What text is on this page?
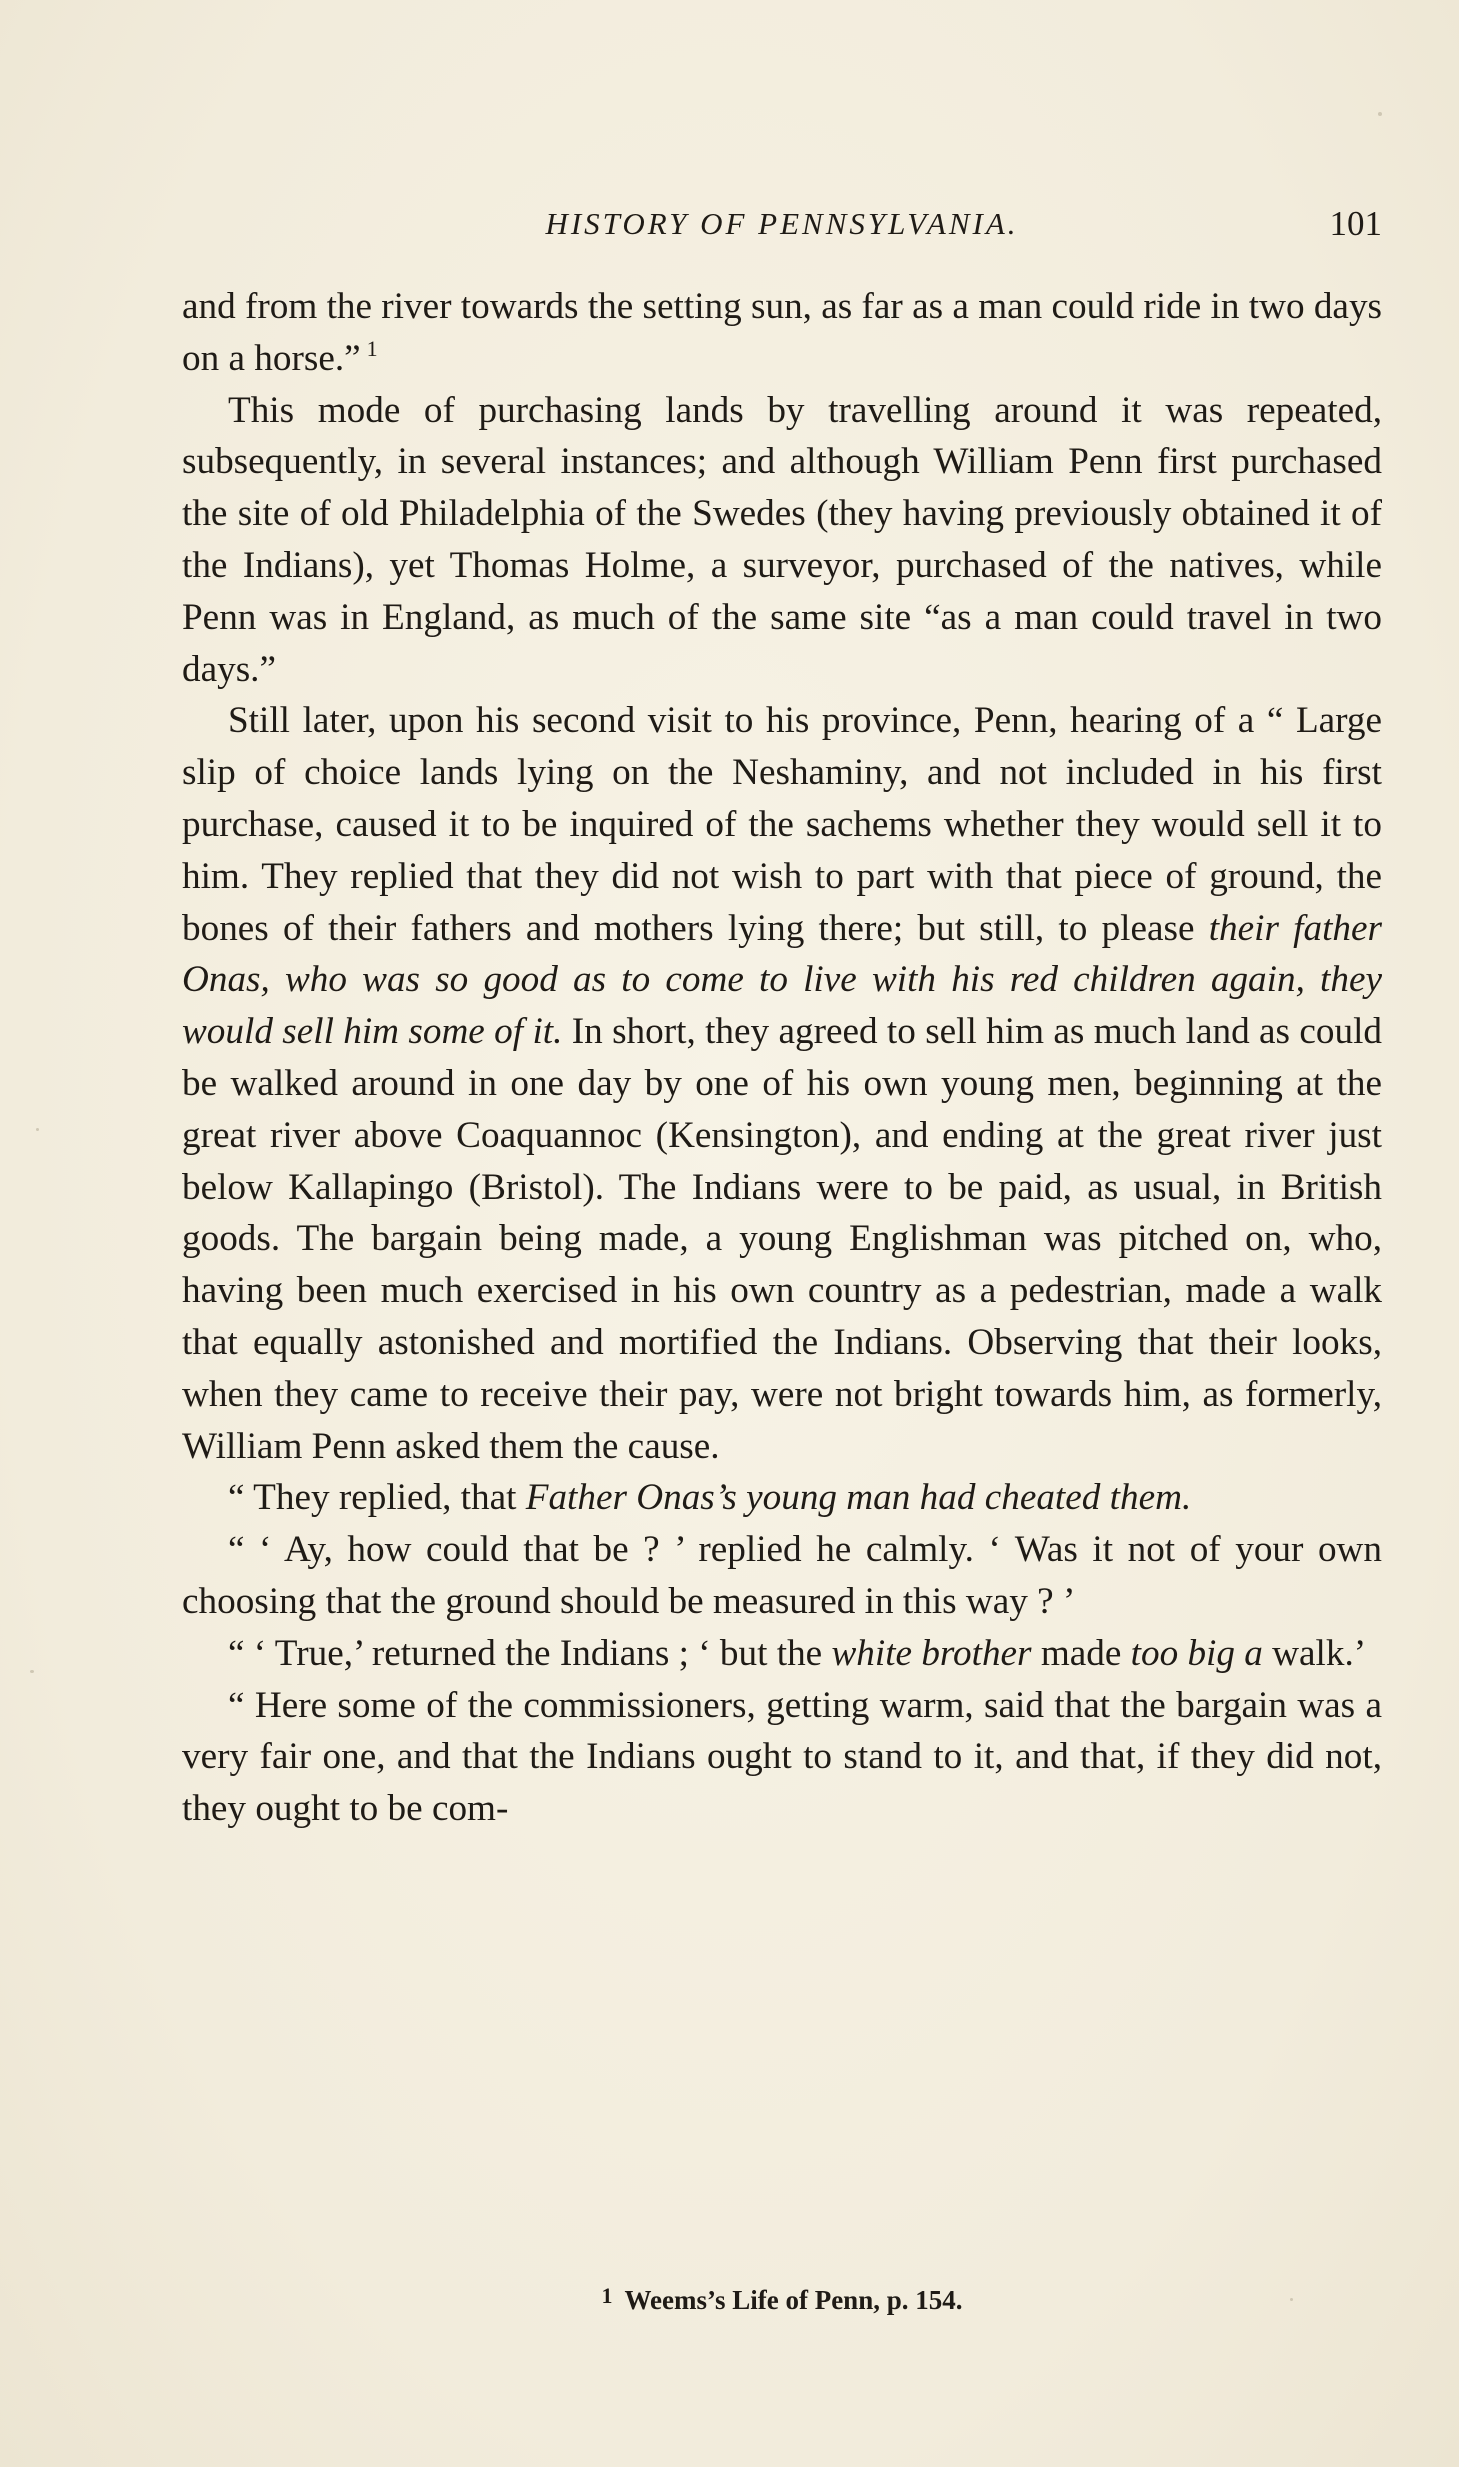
HISTORY OF PENNSYLVANIA.	101

and from the river towards the setting sun, as far as a man could ride in two days on a horse.” $^1$

This mode of purchasing lands by travelling around it was repeated, subsequently, in several instances; and although William Penn first purchased the site of old Philadelphia of the Swedes (they having previously obtained it of the Indians), yet Thomas Holme, a surveyor, purchased of the natives, while Penn was in England, as much of the same site “as a man could travel in two days.”

Still later, upon his second visit to his province, Penn, hearing of a “ Large slip of choice lands lying on the Neshaminy, and not included in his first purchase, caused it to be inquired of the sachems whether they would sell it to him. They replied that they did not wish to part with that piece of ground, the bones of their fathers and mothers lying there; but still, to please their father Onas, who was so good as to come to live with his red children again, they would sell him some of it. In short, they agreed to sell him as much land as could be walked around in one day by one of his own young men, beginning at the great river above Coaquannoc (Kensington), and ending at the great river just below Kallapingo (Bristol). The Indians were to be paid, as usual, in British goods. The bargain being made, a young Englishman was pitched on, who, having been much exercised in his own country as a pedestrian, made a walk that equally astonished and mortified the Indians. Observing that their looks, when they came to receive their pay, were not bright towards him, as formerly, William Penn asked them the cause.

“ They replied, that Father Onas’s young man had cheated them.

“ ‘ Ay, how could that be ? ’ replied he calmly. ‘ Was it not of your own choosing that the ground should be measured in this way ? ’

“ ‘ True,’ returned the Indians ; ‘ but the white brother made too big a walk.’

“ Here some of the commissioners, getting warm, said that the bargain was a very fair one, and that the Indians ought to stand to it, and that, if they did not, they ought to be com-

$^1$ Weems’s Life of Penn, p. 154.
